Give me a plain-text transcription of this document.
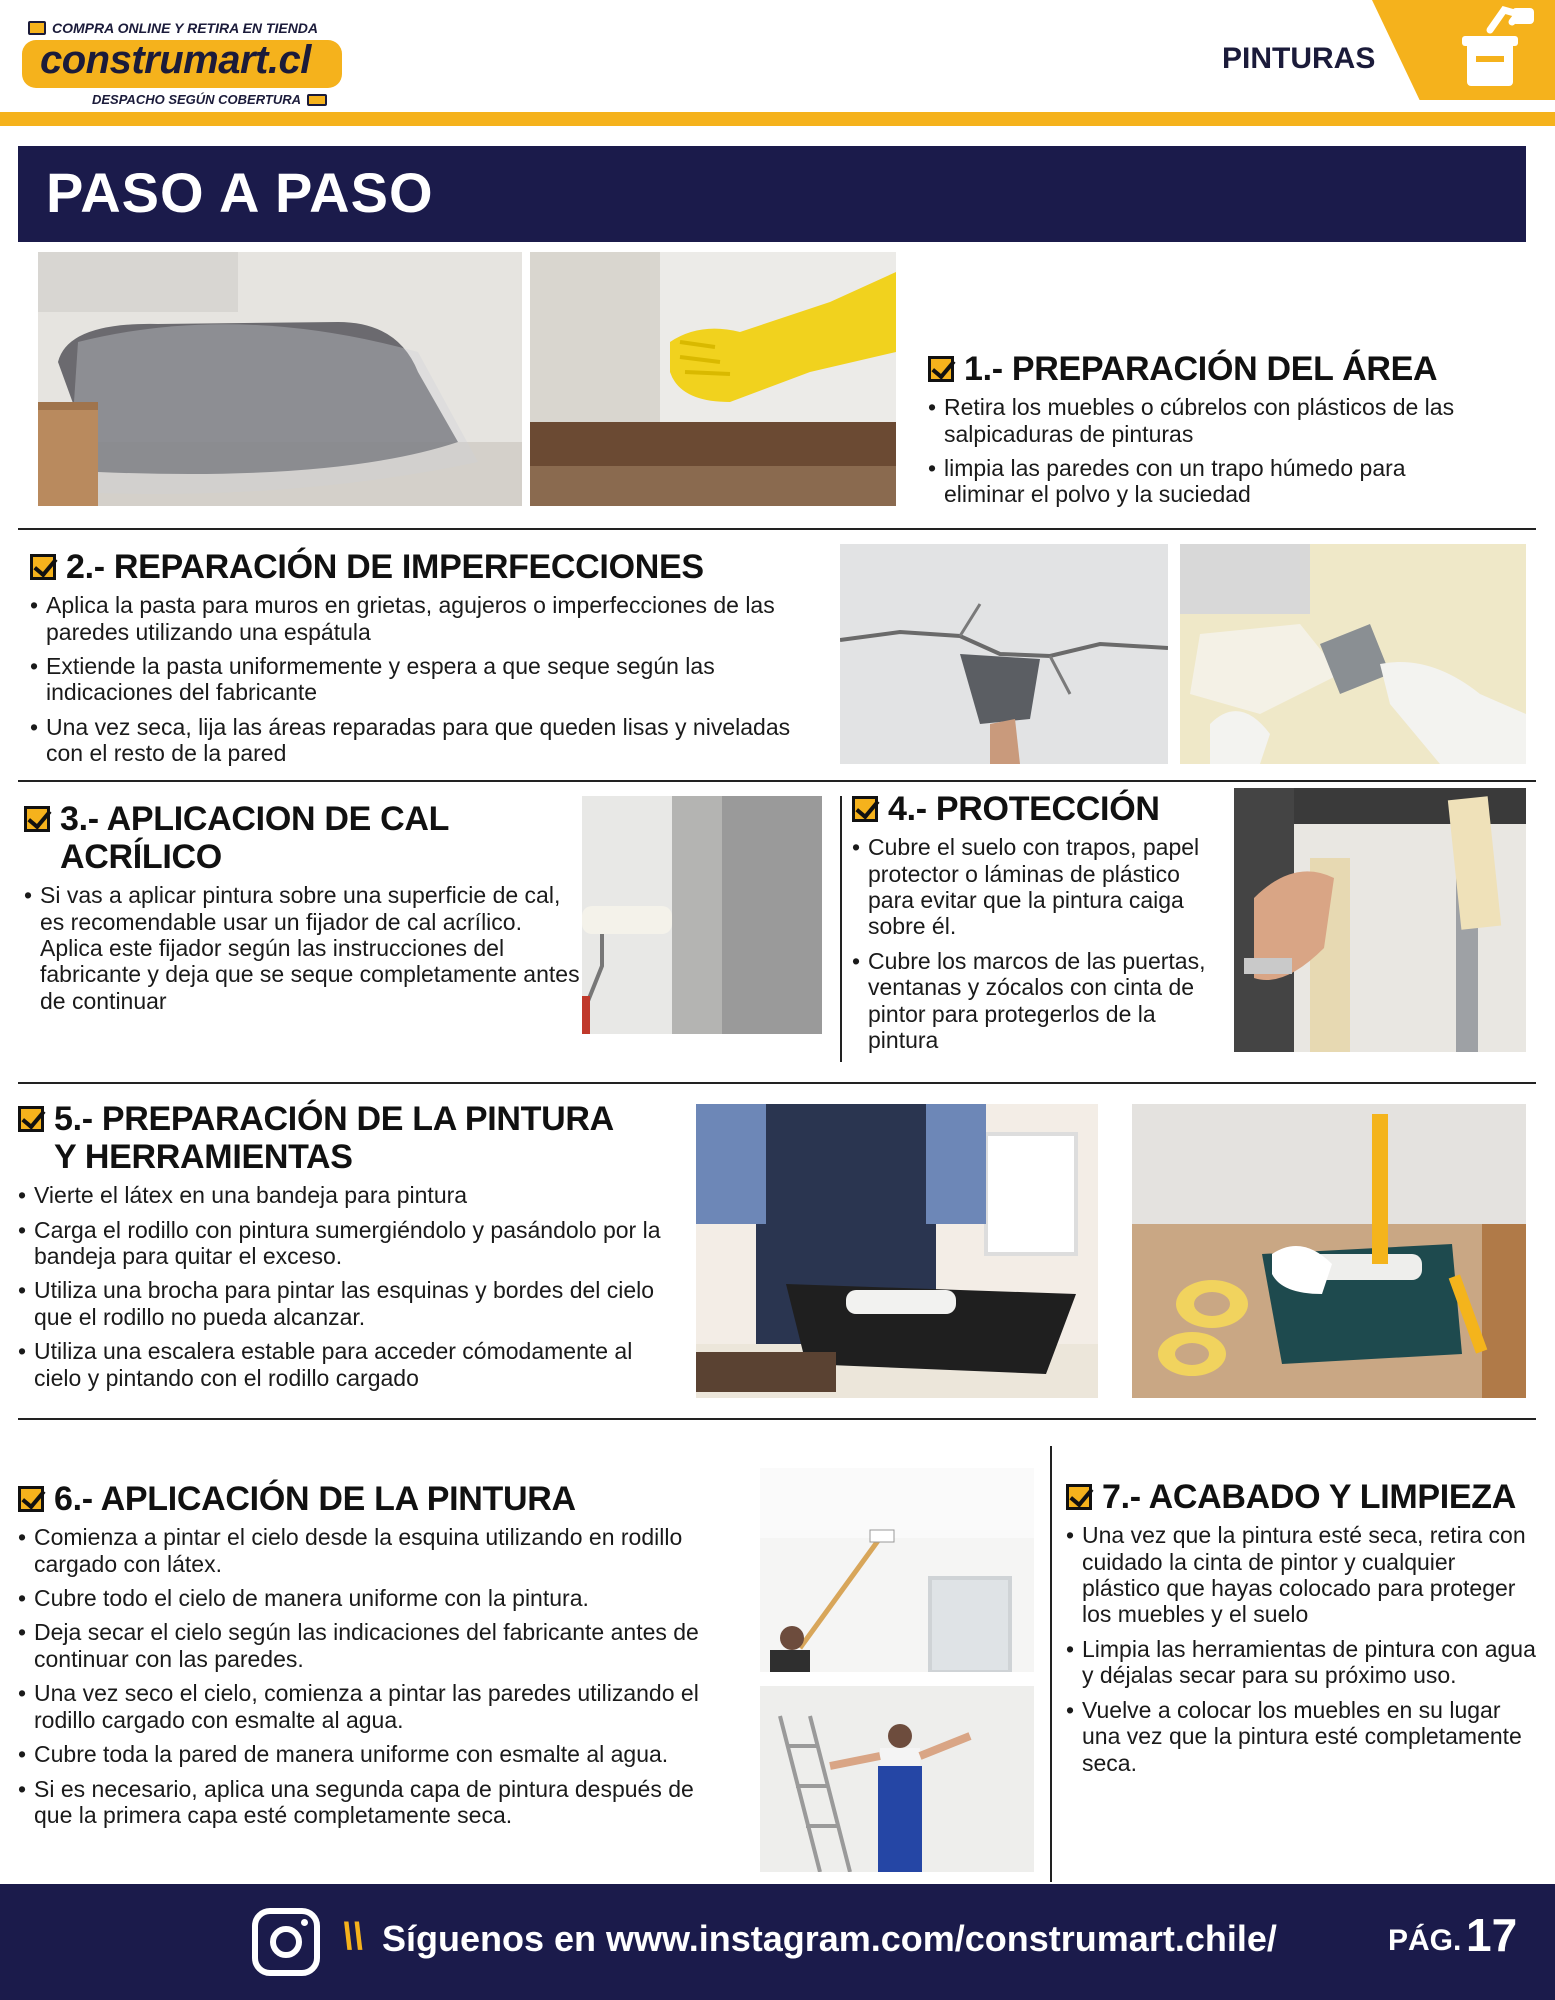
COMPRA ONLINE Y RETIRA EN TIENDA
construmart.cl
DESPACHO SEGÚN COBERTURA
PINTURAS
PASO A PASO
1.- PREPARACIÓN DEL ÁREA
• Retira los muebles o cúbrelos con plásticos de las salpicaduras de pinturas
• limpia las paredes con un trapo húmedo para eliminar el polvo y la suciedad
2.- REPARACIÓN DE IMPERFECCIONES
• Aplica la pasta para muros en grietas, agujeros o imperfecciones de las paredes utilizando una espátula
• Extiende la pasta uniformemente y espera a que seque según las indicaciones del fabricante
• Una vez seca, lija las áreas reparadas para que queden lisas y niveladas con el resto de la pared
3.- APLICACION DE CAL ACRÍLICO
• Si vas a aplicar pintura sobre una superficie de cal, es recomendable usar un fijador de cal acrílico. Aplica este fijador según las instrucciones del fabricante y deja que se seque completamente antes de continuar
4.- PROTECCIÓN
• Cubre el suelo con trapos, papel protector o láminas de plástico para evitar que la pintura caiga sobre él.
• Cubre los marcos de las puertas, ventanas y zócalos con cinta de pintor para protegerlos de la pintura
5.- PREPARACIÓN DE LA PINTURA Y HERRAMIENTAS
• Vierte el látex en una bandeja para pintura
• Carga el rodillo con pintura sumergiéndolo y pasándolo por la bandeja para quitar el exceso.
• Utiliza una brocha para pintar las esquinas y bordes del cielo que el rodillo no pueda alcanzar.
• Utiliza una escalera estable para acceder cómodamente al cielo y pintando con el rodillo cargado
6.- APLICACIÓN DE LA PINTURA
• Comienza a pintar el cielo desde la esquina utilizando en rodillo cargado con látex.
• Cubre todo el cielo de manera uniforme con la pintura.
• Deja secar el cielo según las indicaciones del fabricante antes de continuar con las paredes.
• Una vez seco el cielo, comienza a pintar las paredes utilizando el rodillo cargado con esmalte al agua.
• Cubre toda la pared de manera uniforme con esmalte al agua.
• Si es necesario, aplica una segunda capa de pintura después de que la primera capa esté completamente seca.
7.- ACABADO Y LIMPIEZA
• Una vez que la pintura esté seca, retira con cuidado la cinta de pintor y cualquier plástico que hayas colocado para proteger los muebles y el suelo
• Limpia las herramientas de pintura con agua y déjalas secar para su próximo uso.
• Vuelve a colocar los muebles en su lugar una vez que la pintura esté completamente seca.
\\ Síguenos en www.instagram.com/construmart.chile/	PÁG. 17
